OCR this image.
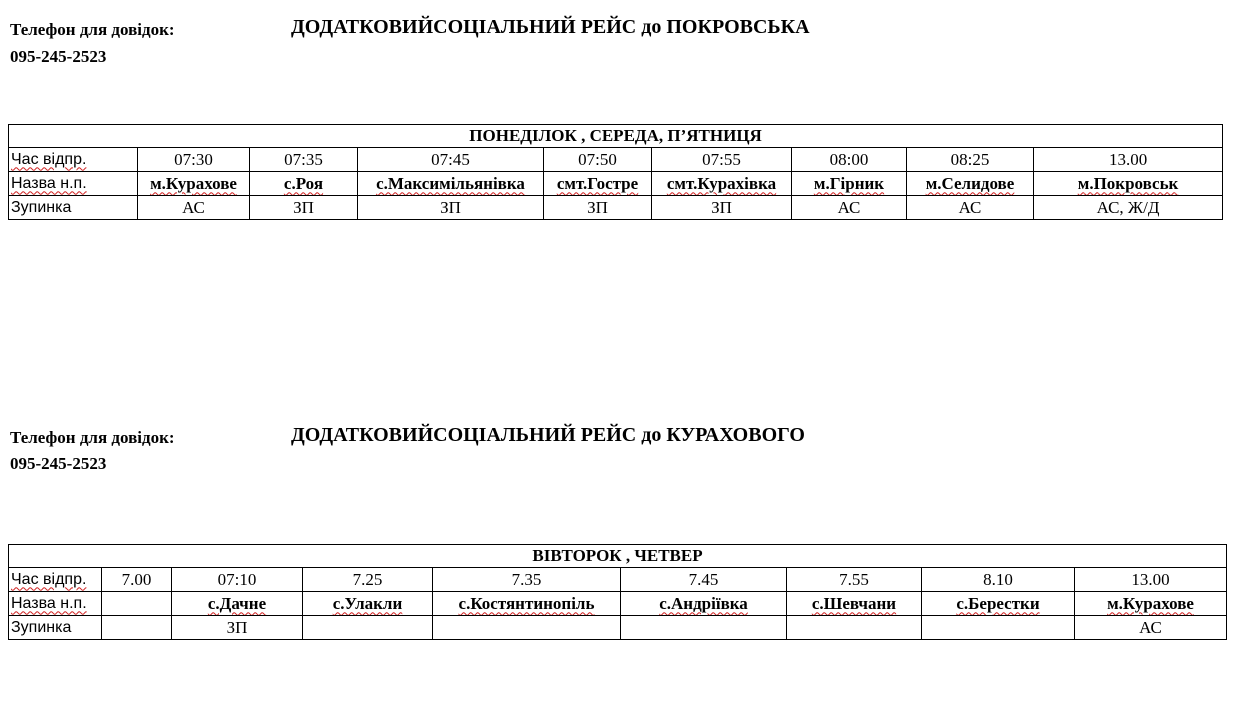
Телефон для довідок:
095-245-2523
ДОДАТКОВИЙСОЦІАЛЬНИЙ РЕЙС до ПОКРОВСЬКА
ПОНЕДІЛОК , СЕРЕДА, П’ЯТНИЦЯ								
Час відпр.	07:30	07:35	07:45	07:50	07:55	08:00	08:25	13.00
Назва н.п.	м.Курахове	с.Роя	с.Максимільянівка	смт.Гостре	смт.Курахівка	м.Гірник	м.Селидове	м.Покровськ
Зупинка	АС	ЗП	ЗП	ЗП	ЗП	АС	АС	АС, Ж/Д
Телефон для довідок:
095-245-2523
ДОДАТКОВИЙСОЦІАЛЬНИЙ РЕЙС до КУРАХОВОГО
ВІВТОРОК , ЧЕТВЕР								
Час відпр.	7.00	07:10	7.25	7.35	7.45	7.55	8.10	13.00
Назва н.п.		с.Дачне	с.Улакли	с.Костянтинопіль	с.Андріївка	с.Шевчани	с.Берестки	м.Курахове
Зупинка		ЗП						АС
